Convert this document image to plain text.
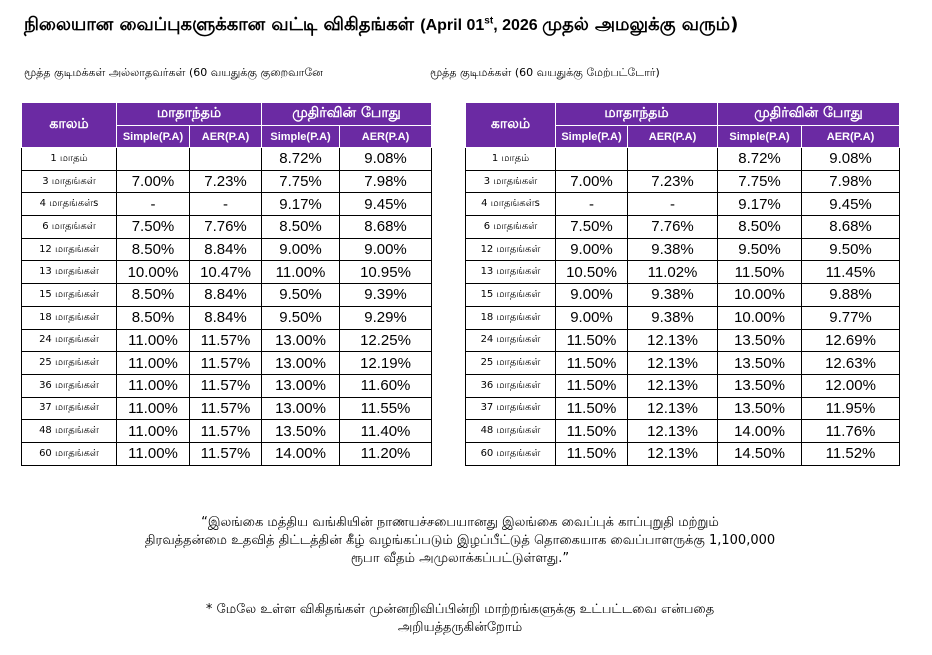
நிலையான வைப்புகளுக்கான வட்டி விகிதங்கள் (April 01st, 2026 முதல் அமலுக்கு வரும்)
மூத்த குடிமக்கள் அல்லாதவர்கள் (60 வயதுக்கு குறைவானே	மூத்த குடிமக்கள் (60 வயதுக்கு மேற்பட்டோர்)
காலம்	மாதாந்தம்		முதிர்வின் போது	
	Simple(P.A)	AER(P.A)	Simple(P.A)	AER(P.A)
1 மாதம்			8.72%	9.08%
3 மாதங்கள்	7.00%	7.23%	7.75%	7.98%
4 மாதங்கள்s	-	-	9.17%	9.45%
6 மாதங்கள்	7.50%	7.76%	8.50%	8.68%
12 மாதங்கள்	8.50%	8.84%	9.00%	9.00%
13 மாதங்கள்	10.00%	10.47%	11.00%	10.95%
15 மாதங்கள்	8.50%	8.84%	9.50%	9.39%
18 மாதங்கள்	8.50%	8.84%	9.50%	9.29%
24 மாதங்கள்	11.00%	11.57%	13.00%	12.25%
25 மாதங்கள்	11.00%	11.57%	13.00%	12.19%
36 மாதங்கள்	11.00%	11.57%	13.00%	11.60%
37 மாதங்கள்	11.00%	11.57%	13.00%	11.55%
48 மாதங்கள்	11.00%	11.57%	13.50%	11.40%
60 மாதங்கள்	11.00%	11.57%	14.00%	11.20%
காலம்	மாதாந்தம்		முதிர்வின் போது	
	Simple(P.A)	AER(P.A)	Simple(P.A)	AER(P.A)
1 மாதம்			8.72%	9.08%
3 மாதங்கள்	7.00%	7.23%	7.75%	7.98%
4 மாதங்கள்s	-	-	9.17%	9.45%
6 மாதங்கள்	7.50%	7.76%	8.50%	8.68%
12 மாதங்கள்	9.00%	9.38%	9.50%	9.50%
13 மாதங்கள்	10.50%	11.02%	11.50%	11.45%
15 மாதங்கள்	9.00%	9.38%	10.00%	9.88%
18 மாதங்கள்	9.00%	9.38%	10.00%	9.77%
24 மாதங்கள்	11.50%	12.13%	13.50%	12.69%
25 மாதங்கள்	11.50%	12.13%	13.50%	12.63%
36 மாதங்கள்	11.50%	12.13%	13.50%	12.00%
37 மாதங்கள்	11.50%	12.13%	13.50%	11.95%
48 மாதங்கள்	11.50%	12.13%	14.00%	11.76%
60 மாதங்கள்	11.50%	12.13%	14.50%	11.52%
“இலங்கை மத்திய வங்கியின் நாணயச்சபையானது இலங்கை வைப்புக் காப்புறுதி மற்றும்
திரவத்தன்மை உதவித் திட்டத்தின் கீழ் வழங்கப்படும் இழப்பீட்டுத் தொகையாக வைப்பாளருக்கு 1,100,000
ரூபா வீதம் அமுலாக்கப்பட்டுள்ளது.”
* மேலே உள்ள விகிதங்கள் முன்னறிவிப்பின்றி மாற்றங்களுக்கு உட்பட்டவை என்பதை
அறியத்தருகின்றோம்
